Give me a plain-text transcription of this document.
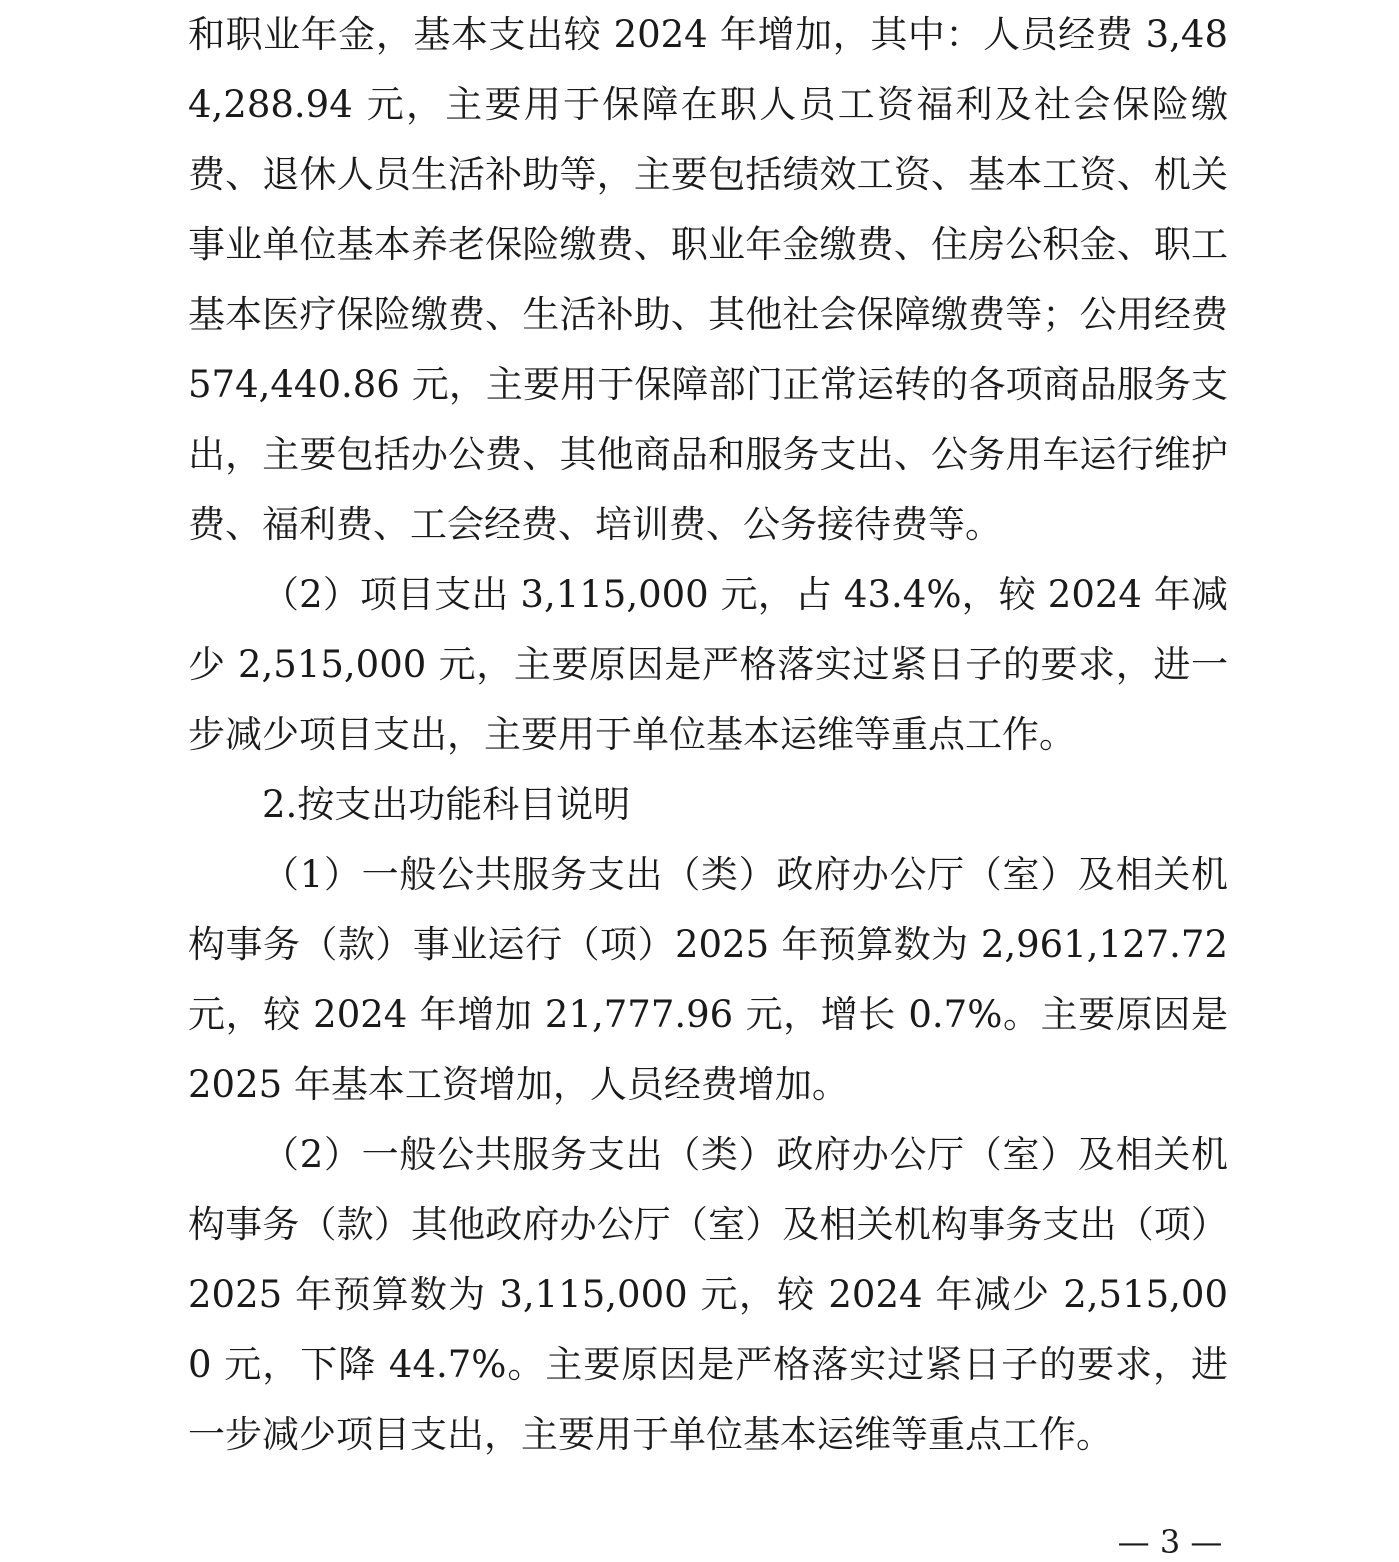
和职业年金，基本支出较 2024 年增加，其中：人员经费 3,484,288.94 元，主要用于保障在职人员工资福利及社会保险缴费、退休人员生活补助等，主要包括绩效工资、基本工资、机关事业单位基本养老保险缴费、职业年金缴费、住房公积金、职工基本医疗保险缴费、生活补助、其他社会保障缴费等；公用经费 574,440.86 元，主要用于保障部门正常运转的各项商品服务支出，主要包括办公费、其他商品和服务支出、公务用车运行维护费、福利费、工会经费、培训费、公务接待费等。

（2）项目支出 3,115,000 元，占 43.4%，较 2024 年减少 2,515,000 元，主要原因是严格落实过紧日子的要求，进一步减少项目支出，主要用于单位基本运维等重点工作。

2.按支出功能科目说明

（1）一般公共服务支出（类）政府办公厅（室）及相关机构事务（款）事业运行（项）2025 年预算数为 2,961,127.72 元，较 2024 年增加 21,777.96 元，增长 0.7%。主要原因是 2025 年基本工资增加，人员经费增加。

（2）一般公共服务支出（类）政府办公厅（室）及相关机构事务（款）其他政府办公厅（室）及相关机构事务支出（项）2025 年预算数为 3,115,000 元，较 2024 年减少 2,515,000 元，下降 44.7%。主要原因是严格落实过紧日子的要求，进一步减少项目支出，主要用于单位基本运维等重点工作。

— 3 —
